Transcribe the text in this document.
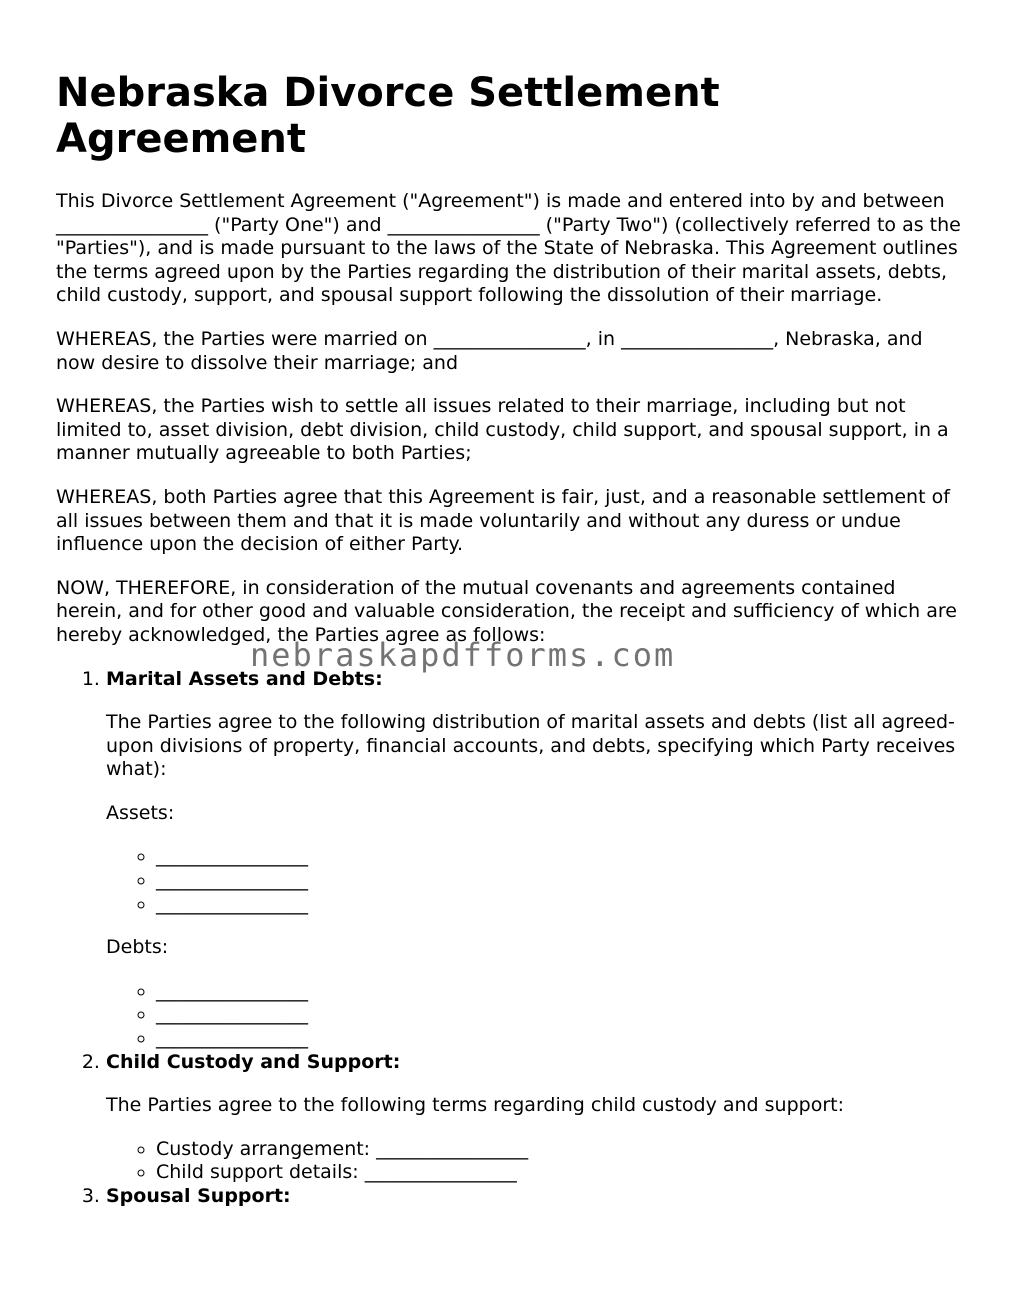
Nebraska Divorce Settlement Agreement

This Divorce Settlement Agreement ("Agreement") is made and entered into by and between ________________ ("Party One") and ________________ ("Party Two") (collectively referred to as the "Parties"), and is made pursuant to the laws of the State of Nebraska. This Agreement outlines the terms agreed upon by the Parties regarding the distribution of their marital assets, debts, child custody, support, and spousal support following the dissolution of their marriage.

WHEREAS, the Parties were married on ________________, in ________________, Nebraska, and now desire to dissolve their marriage; and

WHEREAS, the Parties wish to settle all issues related to their marriage, including but not limited to, asset division, debt division, child custody, child support, and spousal support, in a manner mutually agreeable to both Parties;

WHEREAS, both Parties agree that this Agreement is fair, just, and a reasonable settlement of all issues between them and that it is made voluntarily and without any duress or undue influence upon the decision of either Party.

NOW, THEREFORE, in consideration of the mutual covenants and agreements contained herein, and for other good and valuable consideration, the receipt and sufficiency of which are hereby acknowledged, the Parties agree as follows:

1. Marital Assets and Debts:

The Parties agree to the following distribution of marital assets and debts (list all agreed-upon divisions of property, financial accounts, and debts, specifying which Party receives what):

Assets:

◦ ________________
◦ ________________
◦ ________________

Debts:

◦ ________________
◦ ________________
◦ ________________
2. Child Custody and Support:

The Parties agree to the following terms regarding child custody and support:

◦ Custody arrangement: ________________
◦ Child support details: ________________
3. Spousal Support:
nebraskapdfforms.com
